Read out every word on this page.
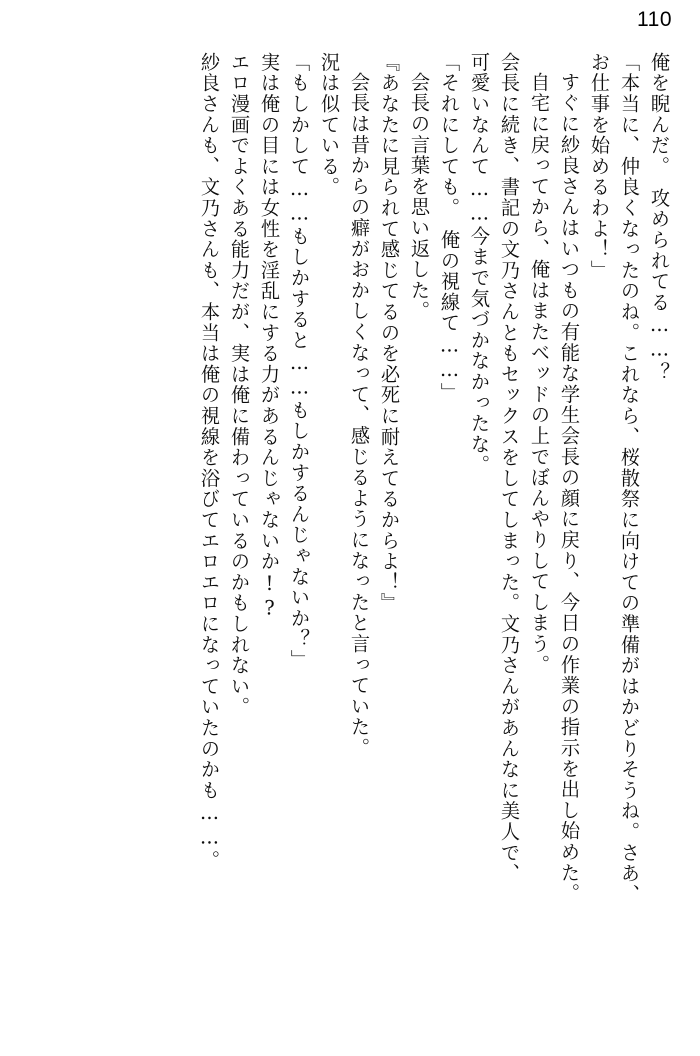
110
俺を睨んだ。　攻められてる……？
「本当に、仲良くなったのね。これなら、桜散祭に向けての準備がはかどりそうね。さあ、
お仕事を始めるわよ！」
すぐに紗良さんはいつもの有能な学生会長の顔に戻り、今日の作業の指示を出し始めた。
自宅に戻ってから、俺はまたベッドの上でぼんやりしてしまう。
会長に続き、書記の文乃さんともセックスをしてしまった。文乃さんがあんなに美人で、
可愛いなんて……今まで気づかなかったな。
「それにしても。　俺の視線て……」
会長の言葉を思い返した。
『あなたに見られて感じてるのを必死に耐えてるからよ！』
会長は昔からの癖がおかしくなって、感じるようになったと言っていた。
況は似ている。
「もしかして……もしかすると……もしかするんじゃないか？」
実は俺の目には女性を淫乱にする力があるんじゃないか!?
エロ漫画でよくある能力だが、実は俺に備わっているのかもしれない。
紗良さんも、文乃さんも、本当は俺の視線を浴びてエロエロになっていたのかも……。
